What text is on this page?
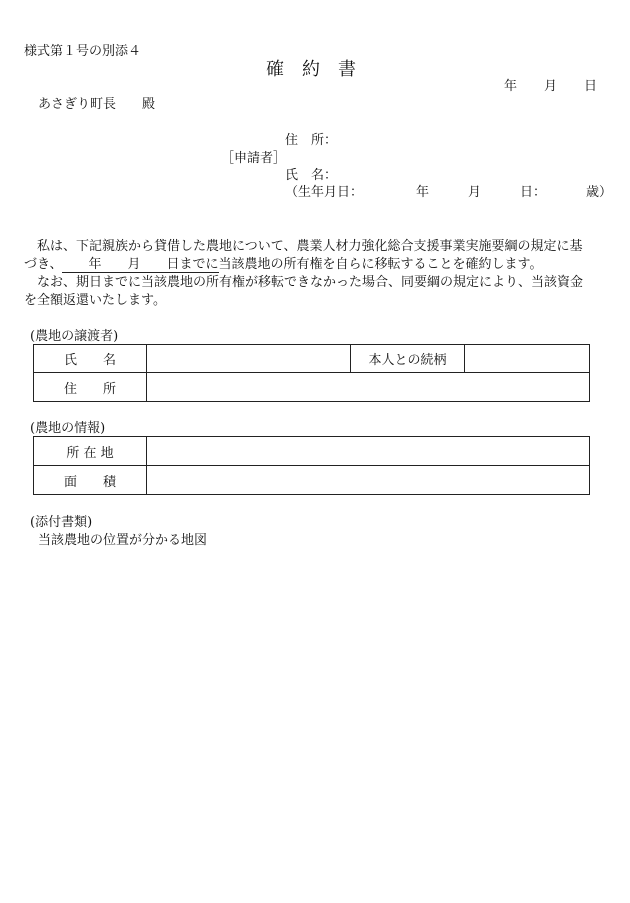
様式第１号の別添４
確　約　書
年 月 日
あさぎり町長　　殿
住　所：
［申請者］
氏　名：
（生年月日：	年	月	日：	歳）
　私は、下記親族から貸借した農地について、農業人材力強化総合支援事業実施要綱の規定に基
づき、 年 月 日までに当該農地の所有権を自らに移転することを確約します。
　なお、期日までに当該農地の所有権が移転できなかった場合、同要綱の規定により、当該資金
を全額返還いたします。
(農地の譲渡者)
氏　　名		本人との続柄	
住　　所			
(農地の情報)
所 在 地	
面　　積	
(添付書類)
当該農地の位置が分かる地図
